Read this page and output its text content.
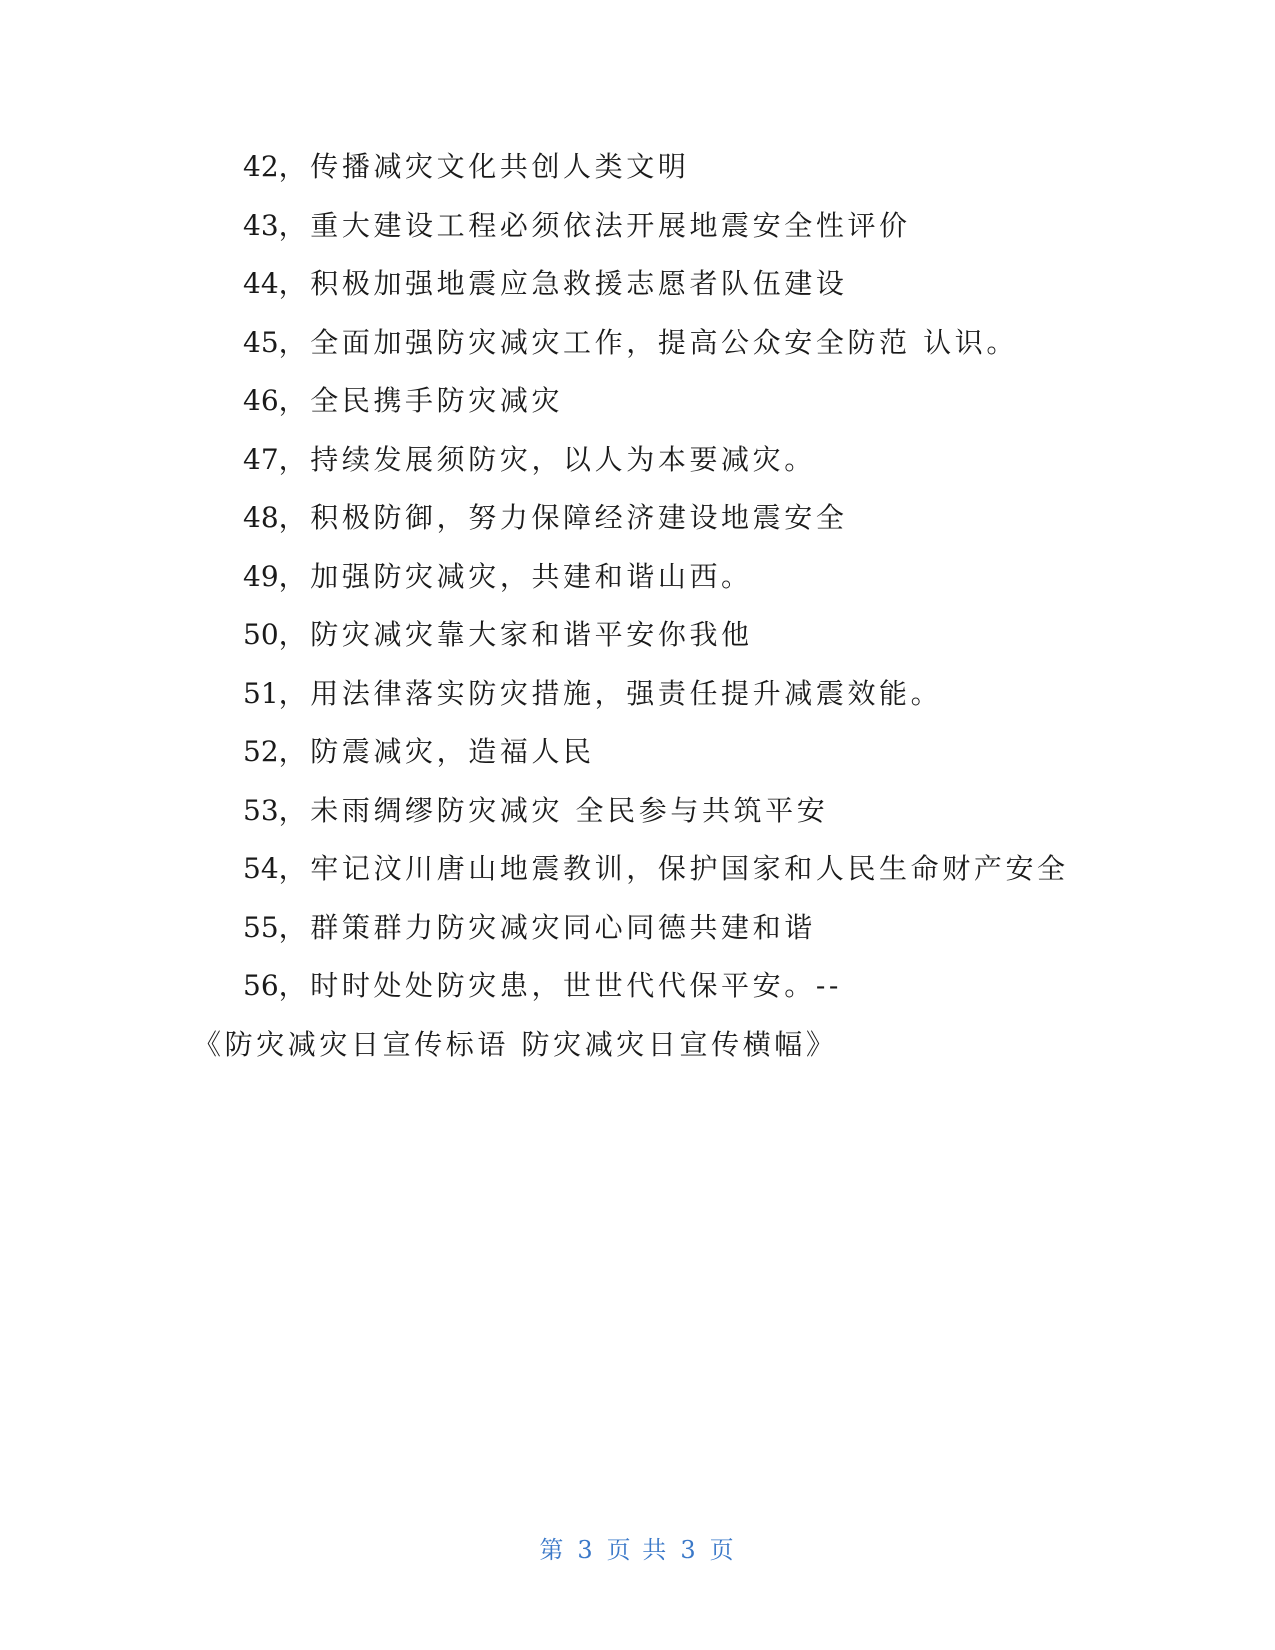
42，传播减灾文化共创人类文明
43，重大建设工程必须依法开展地震安全性评价
44，积极加强地震应急救援志愿者队伍建设
45，全面加强防灾减灾工作，提高公众安全防范 认识。
46，全民携手防灾减灾
47，持续发展须防灾，以人为本要减灾。
48，积极防御，努力保障经济建设地震安全
49，加强防灾减灾，共建和谐山西。
50，防灾减灾靠大家和谐平安你我他
51，用法律落实防灾措施，强责任提升减震效能。
52，防震减灾，造福人民
53，未雨绸缪防灾减灾 全民参与共筑平安
54，牢记汶川唐山地震教训，保护国家和人民生命财产安全
55，群策群力防灾减灾同心同德共建和谐
56，时时处处防灾患，世世代代保平安。--
《防灾减灾日宣传标语 防灾减灾日宣传横幅》
第 3 页 共 3 页
